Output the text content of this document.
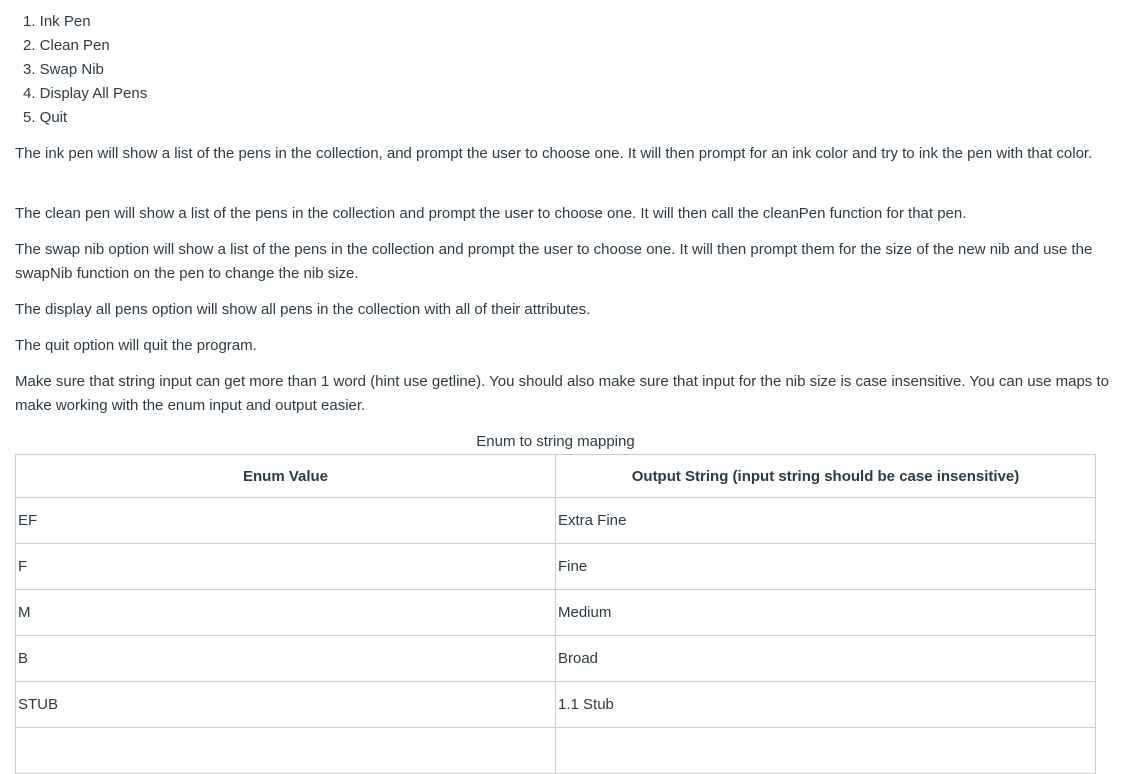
1. Ink Pen
2. Clean Pen
3. Swap Nib
4. Display All Pens
5. Quit

The ink pen will show a list of the pens in the collection, and prompt the user to choose one. It will then prompt for an ink color and try to ink the pen with that color.

The clean pen will show a list of the pens in the collection and prompt the user to choose one. It will then call the cleanPen function for that pen.

The swap nib option will show a list of the pens in the collection and prompt the user to choose one. It will then prompt them for the size of the new nib and use the swapNib function on the pen to change the nib size.

The display all pens option will show all pens in the collection with all of their attributes.

The quit option will quit the program.

Make sure that string input can get more than 1 word (hint use getline). You should also make sure that input for the nib size is case insensitive. You can use maps to make working with the enum input and output easier.

Enum to string mapping
Enum Value	Output String (input string should be case insensitive)
EF	Extra Fine
F	Fine
M	Medium
B	Broad
STUB	1.1 Stub
